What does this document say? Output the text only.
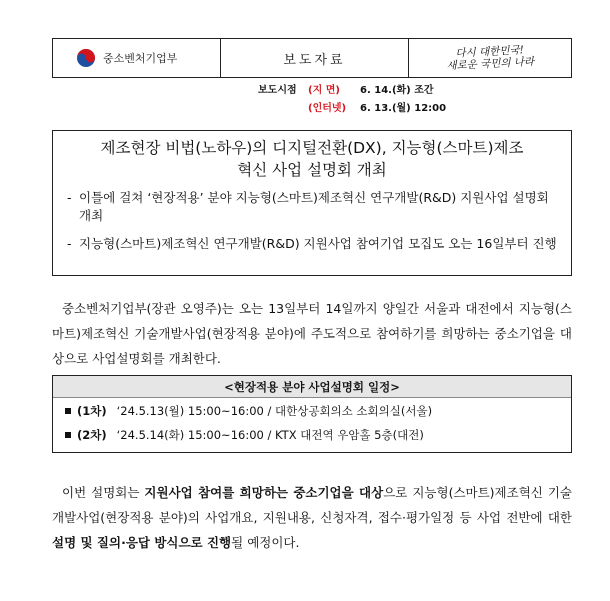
중소벤처기업부	보도자료
다시 대한민국!
새로운 국민의 나라
보도시점	(지 면)	6. 14.(화) 조간
(인터넷)	6. 13.(월) 12:00
제조현장 비법(노하우)의 디지털전환(DX), 지능형(스마트)제조
혁신 사업 설명회 개최
- 이틀에 걸쳐 ‘현장적용’ 분야 지능형(스마트)제조혁신 연구개발(R&D) 지원사업 설명회 개최
- 지능형(스마트)제조혁신 연구개발(R&D) 지원사업 참여기업 모집도 오는 16일부터 진행

중소벤처기업부(장관 오영주)는 오는 13일부터 14일까지 양일간 서울과 대전에서 지능형(스마트)제조혁신 기술개발사업(현장적용 분야)에 주도적으로 참여하기를 희망하는 중소기업을 대상으로 사업설명회를 개최한다.

<현장적용 분야 사업설명회 일정>
(1차) ‘24.5.13(월) 15:00~16:00 / 대한상공회의소 소회의실(서울)
(2차) ‘24.5.14(화) 15:00~16:00 / KTX 대전역 우암홀 5층(대전)

이번 설명회는 지원사업 참여를 희망하는 중소기업을 대상으로 지능형(스마트)제조혁신 기술개발사업(현장적용 분야)의 사업개요, 지원내용, 신청자격, 접수·평가일정 등 사업 전반에 대한 설명 및 질의·응답 방식으로 진행될 예정이다.
